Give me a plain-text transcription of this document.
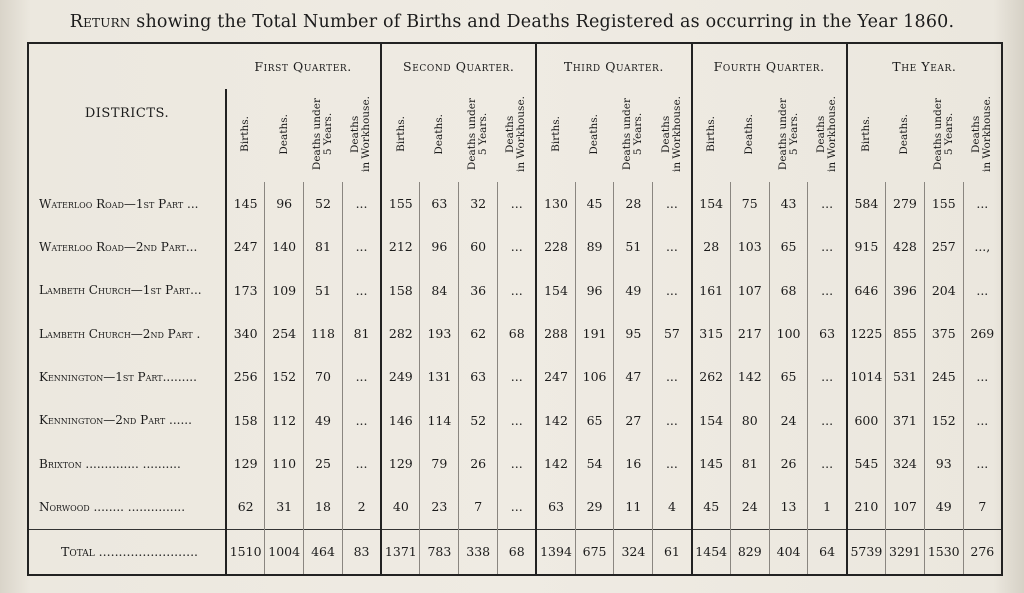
Return showing the Total Number of Births and Deaths Registered as occurring in the Year 1860.
DISTRICTS.	First Quarter.				Second Quarter.				Third Quarter.				Fourth Quarter.				The Year.			
	Births.	Deaths.	Deaths under
5 Years.	Deaths
in Workhouse.	Births.	Deaths.	Deaths under
5 Years.	Deaths
in Workhouse.	Births.	Deaths.	Deaths under
5 Years.	Deaths
in Workhouse.	Births.	Deaths.	Deaths under
5 Years.	Deaths
in Workhouse.	Births.	Deaths.	Deaths under
5 Years.	Deaths
in Workhouse.
Waterloo Road—1st Part ...	145	96	52	...	155	63	32	...	130	45	28	...	154	75	43	...	584	279	155	...
Waterloo Road—2nd Part...	247	140	81	...	212	96	60	...	228	89	51	...	28	103	65	...	915	428	257	...,
Lambeth Church—1st Part...	173	109	51	...	158	84	36	...	154	96	49	...	161	107	68	...	646	396	204	...
Lambeth Church—2nd Part .	340	254	118	81	282	193	62	68	288	191	95	57	315	217	100	63	1225	855	375	269
Kennington—1st Part.........	256	152	70	...	249	131	63	...	247	106	47	...	262	142	65	...	1014	531	245	...
Kennington—2nd Part ......	158	112	49	...	146	114	52	...	142	65	27	...	154	80	24	...	600	371	152	...
Brixton .............. ..........	129	110	25	...	129	79	26	...	142	54	16	...	145	81	26	...	545	324	93	...
Norwood ........ ...............	62	31	18	2	40	23	7	...	63	29	11	4	45	24	13	1	210	107	49	7
Total .........................	1510	1004	464	83	1371	783	338	68	1394	675	324	61	1454	829	404	64	5739	3291	1530	276
